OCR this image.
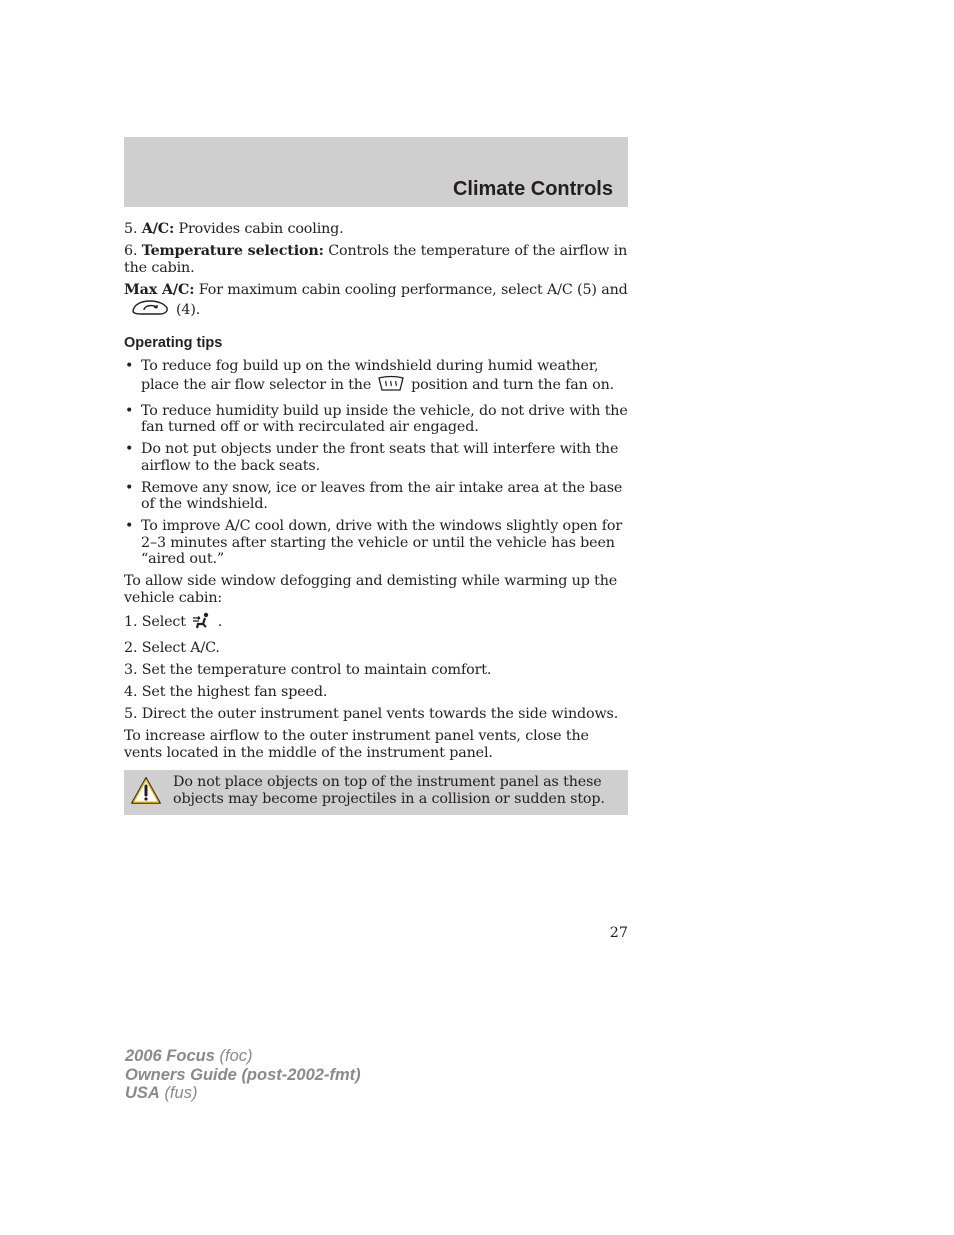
Climate Controls

5. A/C: Provides cabin cooling.

6. Temperature selection: Controls the temperature of the airflow in the cabin.

Max A/C: For maximum cabin cooling performance, select A/C (5) and(4).

Operating tips
• To reduce fog build up on the windshield during humid weather, place the air flow selector in the	position and turn the fan on.
• To reduce humidity build up inside the vehicle, do not drive with the fan turned off or with recirculated air engaged.
• Do not put objects under the front seats that will interfere with the airflow to the back seats.
• Remove any snow, ice or leaves from the air intake area at the base of the windshield.
• To improve A/C cool down, drive with the windows slightly open for 2–3 minutes after starting the vehicle or until the vehicle has been “aired out.”

To allow side window defogging and demisting while warming up the vehicle cabin:

1. Select .

2. Select A/C.

3. Set the temperature control to maintain comfort.

4. Set the highest fan speed.

5. Direct the outer instrument panel vents towards the side windows.

To increase airflow to the outer instrument panel vents, close the vents located in the middle of the instrument panel.

Do not place objects on top of the instrument panel as these objects may become projectiles in a collision or sudden stop.
27
2006 Focus (foc)
Owners Guide (post-2002-fmt)
USA (fus)
